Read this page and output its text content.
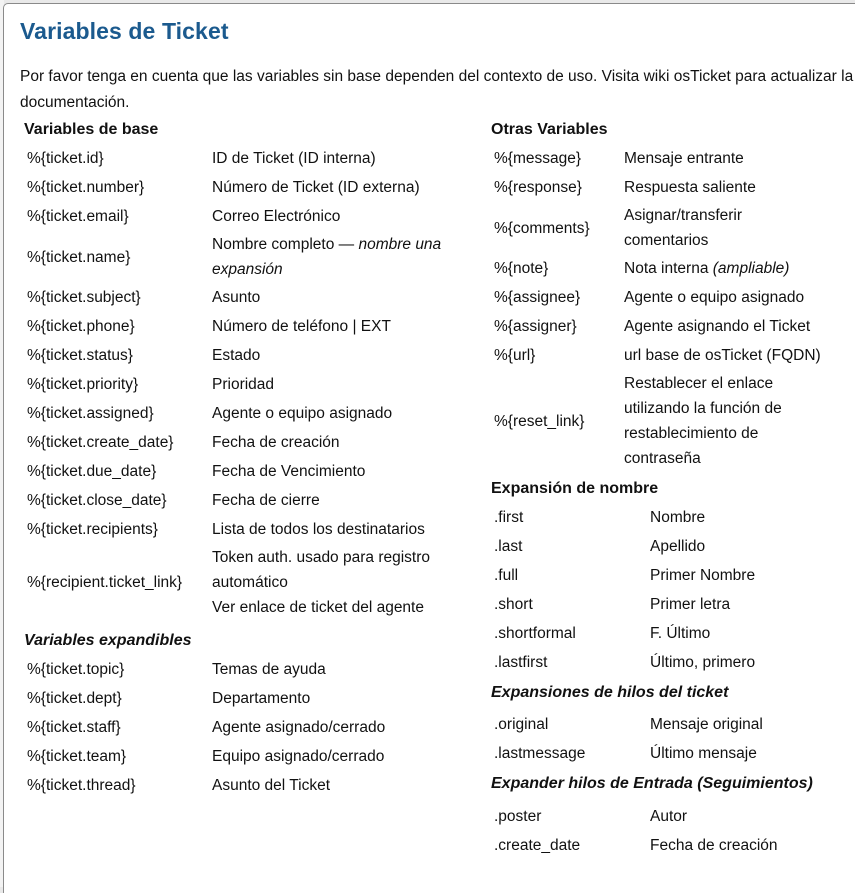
Variables de Ticket

Por favor tenga en cuenta que las variables sin base dependen del contexto de uso. Visita wiki osTicket para actualizar la documentación.

Variables de base
%{ticket.id}	ID de Ticket (ID interna)
%{ticket.number}	Número de Ticket (ID externa)
%{ticket.email}	Correo Electrónico
%{ticket.name}	Nombre completo — nombre una expansión
%{ticket.subject}	Asunto
%{ticket.phone}	Número de teléfono | EXT
%{ticket.status}	Estado
%{ticket.priority}	Prioridad
%{ticket.assigned}	Agente o equipo asignado
%{ticket.create_date}	Fecha de creación
%{ticket.due_date}	Fecha de Vencimiento
%{ticket.close_date}	Fecha de cierre
%{ticket.recipients}	Lista de todos los destinatarios
%{recipient.ticket_link}	Token auth. usado para registro automático
Ver enlace de ticket del agente
Variables expandibles
%{ticket.topic}	Temas de ayuda
%{ticket.dept}	Departamento
%{ticket.staff}	Agente asignado/cerrado
%{ticket.team}	Equipo asignado/cerrado
%{ticket.thread}	Asunto del Ticket
Otras Variables
%{message}	Mensaje entrante
%{response}	Respuesta saliente
%{comments}	Asignar/transferir comentarios
%{note}	Nota interna (ampliable)
%{assignee}	Agente o equipo asignado
%{assigner}	Agente asignando el Ticket
%{url}	url base de osTicket (FQDN)
%{reset_link}	Restablecer el enlace utilizando la función de restablecimiento de contraseña
Expansión de nombre
.first	Nombre
.last	Apellido
.full	Primer Nombre
.short	Primer letra
.shortformal	F. Último
.lastfirst	Último, primero
Expansiones de hilos del ticket
.original	Mensaje original
.lastmessage	Último mensaje
Expander hilos de Entrada (Seguimientos)
.poster	Autor
.create_date	Fecha de creación
